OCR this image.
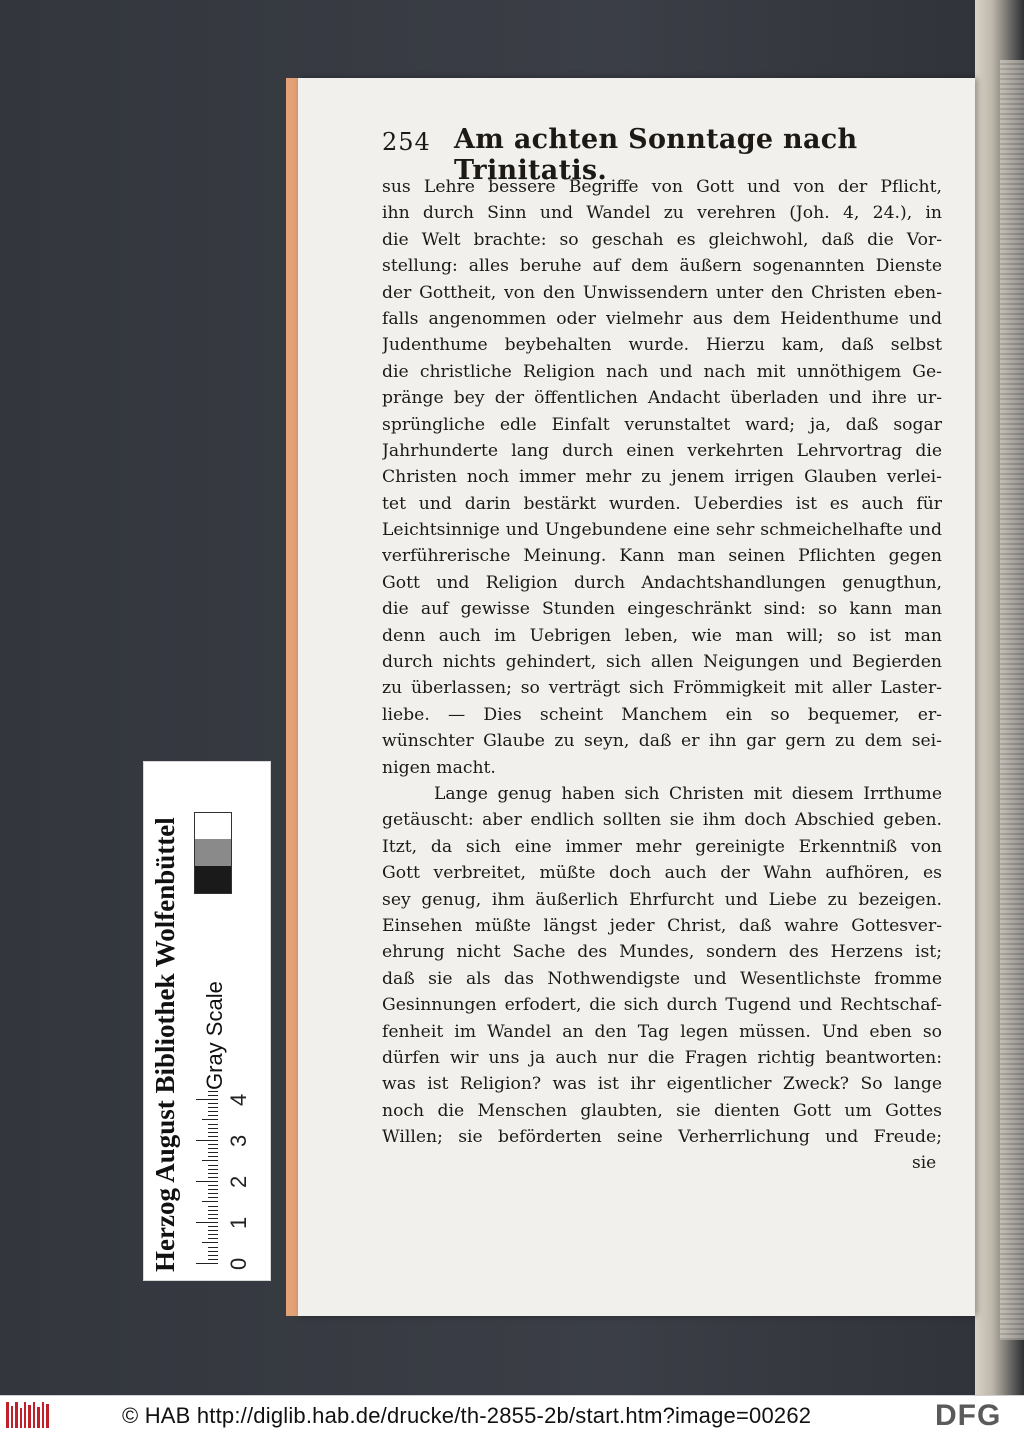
254 Am achten Sonntage nach Trinitatis.
sus Lehre bessere Begriffe von Gott und von der Pflicht,
ihn durch Sinn und Wandel zu verehren (Joh. 4, 24.), in
die Welt brachte: so geschah es gleichwohl, daß die Vor-
stellung: alles beruhe auf dem äußern sogenannten Dienste
der Gottheit, von den Unwissendern unter den Christen eben-
falls angenommen oder vielmehr aus dem Heidenthume und
Judenthume beybehalten wurde. Hierzu kam, daß selbst
die christliche Religion nach und nach mit unnöthigem Ge-
pränge bey der öffentlichen Andacht überladen und ihre ur-
sprüngliche edle Einfalt verunstaltet ward; ja, daß sogar
Jahrhunderte lang durch einen verkehrten Lehrvortrag die
Christen noch immer mehr zu jenem irrigen Glauben verlei-
tet und darin bestärkt wurden. Ueberdies ist es auch für
Leichtsinnige und Ungebundene eine sehr schmeichelhafte und
verführerische Meinung. Kann man seinen Pflichten gegen
Gott und Religion durch Andachtshandlungen genugthun,
die auf gewisse Stunden eingeschränkt sind: so kann man
denn auch im Uebrigen leben, wie man will; so ist man
durch nichts gehindert, sich allen Neigungen und Begierden
zu überlassen; so verträgt sich Frömmigkeit mit aller Laster-
liebe. — Dies scheint Manchem ein so bequemer, er-
wünschter Glaube zu seyn, daß er ihn gar gern zu dem sei-
nigen macht.
Lange genug haben sich Christen mit diesem Irrthume
getäuscht: aber endlich sollten sie ihm doch Abschied geben.
Itzt, da sich eine immer mehr gereinigte Erkenntniß von
Gott verbreitet, müßte doch auch der Wahn aufhören, es
sey genug, ihm äußerlich Ehrfurcht und Liebe zu bezeigen.
Einsehen müßte längst jeder Christ, daß wahre Gottesver-
ehrung nicht Sache des Mundes, sondern des Herzens ist;
daß sie als das Nothwendigste und Wesentlichste fromme
Gesinnungen erfodert, die sich durch Tugend und Rechtschaf-
fenheit im Wandel an den Tag legen müssen. Und eben so
dürfen wir uns ja auch nur die Fragen richtig beantworten:
was ist Religion? was ist ihr eigentlicher Zweck? So lange
noch die Menschen glaubten, sie dienten Gott um Gottes
Willen; sie beförderten seine Verherrlichung und Freude;
sie
Herzog August Bibliothek Wolfenbüttel 0
1
2
3
4
Gray Scale
© HAB http://diglib.hab.de/drucke/th-2855-2b/start.htm?image=00262	DFG
